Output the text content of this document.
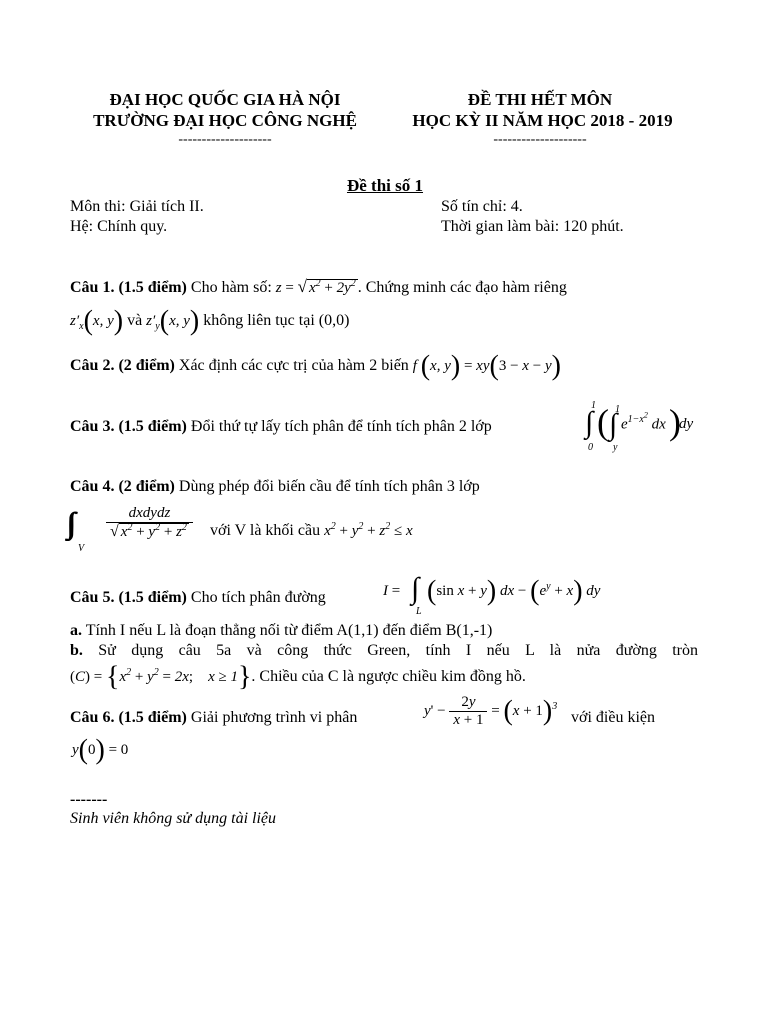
ĐẠI HỌC QUỐC GIA HÀ NỘI
TRƯỜNG ĐẠI HỌC CÔNG NGHỆ
--------------------
ĐỀ THI HẾT MÔN
HỌC KỲ II NĂM HỌC 2018 - 2019
--------------------
Đề thi số 1
Môn thi: Giải tích II.	Số tín chỉ: 4.
Hệ: Chính quy.	Thời gian làm bài: 120 phút.
Câu 1. (1.5 điểm) Cho hàm số: z = √ $x^2 + 2y^2$ . Chứng minh các đạo hàm riêng
$z'_x(x$, y) và $z'_y(x$, y) không liên tục tại (0,0)
Câu 2. (2 điểm) Xác định các cực trị của hàm 2 biến f (x, y) = xy(3 − x − y)
Câu 3. (1.5 điểm) Đổi thứ tự lấy tích phân để tính tích phân 2 lớp
1
∫
0
( 1
∫
y
$e^{1-x^2}$ dx )
dy
Câu 4. (2 điểm) Dùng phép đổi biến cầu để tính tích phân 3 lớp
V
$\frac{\text{dxdydz}}{√ x^2 + y^2 + z^2}$ với V là khối cầu $x^2 + y^2 + z^2 \le x$
Câu 5. (1.5 điểm) Cho tích phân đường	I = ∫
L
(sin x + y) dx − $(e^y + x)$ dy
a. Tính I nếu L là đoạn thẳng nối từ điểm A(1,1) đến điểm B(1,-1)
b. Sử dụng câu 5a và công thức Green, tính I nếu L là nửa đường tròn
$(C) = \{x^2 + y^2 = 2x$;    x ≥ 1}. Chiều của C là ngược chiều kim đồng hồ.
Câu 6. (1.5 điểm) Giải phương trình vi phân	$y' - \frac{2y}{x + 1} = (x + 1)^3$
với điều kiện
y(0) = 0
-------
Sinh viên không sử dụng tài liệu
